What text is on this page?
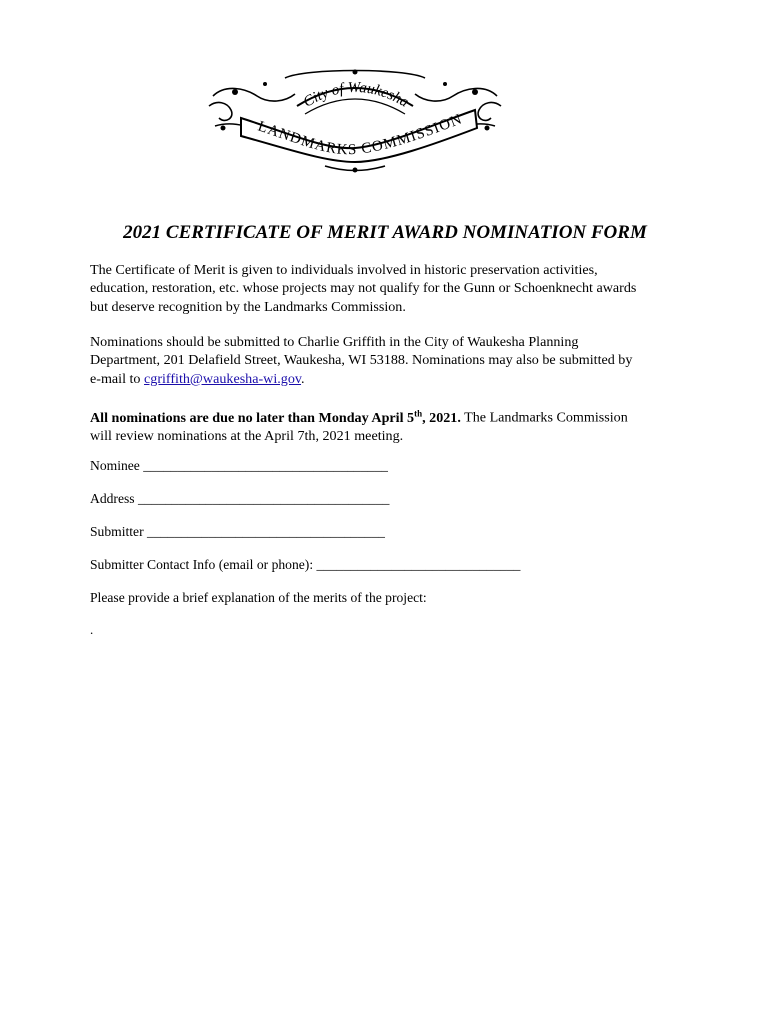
City of Waukesha
LANDMARKS COMMISSION
2021 CERTIFICATE OF MERIT AWARD NOMINATION FORM
The Certificate of Merit is given to individuals involved in historic preservation activities,
education, restoration, etc. whose projects may not qualify for the Gunn or Schoenknecht awards
but deserve recognition by the Landmarks Commission.
Nominations should be submitted to Charlie Griffith in the City of Waukesha Planning
Department, 201 Delafield Street, Waukesha, WI 53188. Nominations may also be submitted by
e-mail to cgriffith@waukesha-wi.gov.
All nominations are due no later than Monday April 5th, 2021. The Landmarks Commission
will review nominations at the April 7th, 2021 meeting.
Nominee ____________________________________
Address _____________________________________
Submitter ___________________________________
Submitter Contact Info (email or phone): ______________________________
Please provide a brief explanation of the merits of the project:
.
